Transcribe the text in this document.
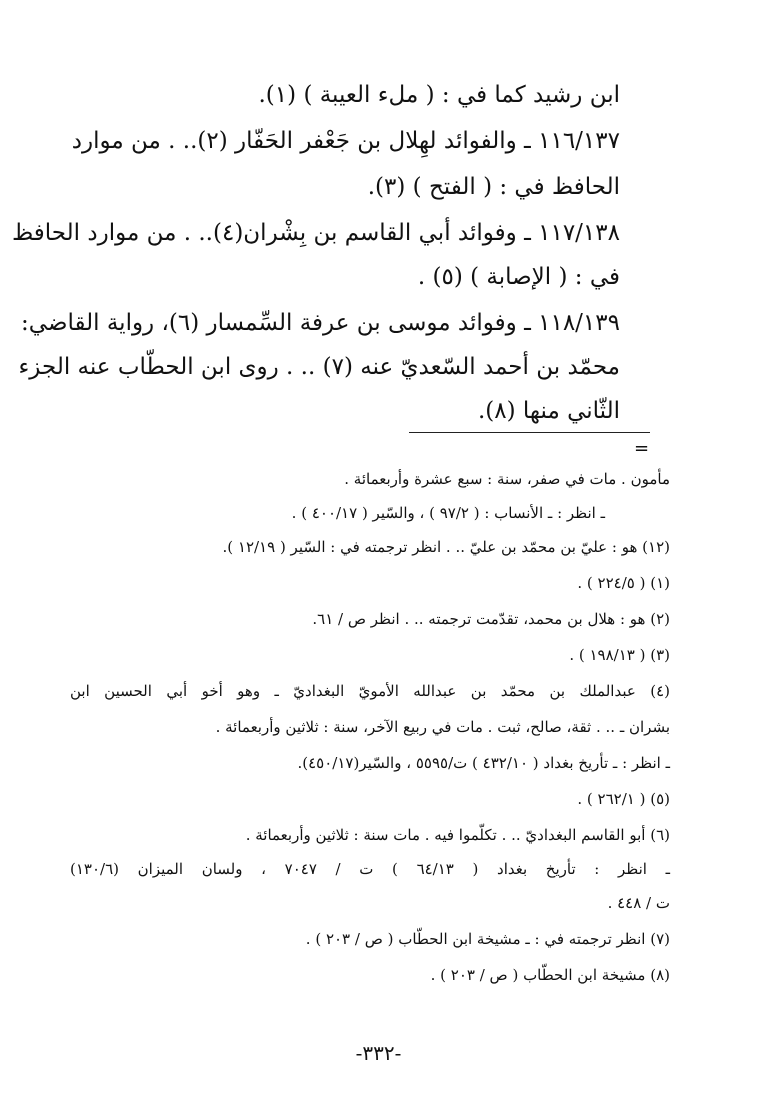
ابن رشيد كما في : ( ملء العيبة ) (١).
١١٦/١٣٧ ـ والفوائد لهِلال بن جَعْفر الحَفّار (٢).. . من موارد
الحافظ في : ( الفتح ) (٣).
١١٧/١٣٨ ـ وفوائد أبي القاسم بن بِشْران(٤).. . من موارد الحافظ
في : ( الإصابة ) (٥) .
١١٨/١٣٩ ـ وفوائد موسى بن عرفة السِّمسار (٦)، رواية القاضي:
محمّد بن أحمد السّعديّ عنه (٧) .. . روى ابن الحطّاب عنه الجزء
الثّاني منها (٨).
=
مأمون . مات في صفر، سنة : سبع عشرة وأربعمائة .
ـ انظر : ـ الأنساب : ( ٩٧/٢ ) ، والسّير ( ٤٠٠/١٧ ) .
(١٢) هو : عليّ بن محمّد بن عليّ .. . انظر ترجمته في : السّير ( ١٢/١٩ ).
(١) ( ٢٢٤/٥ ) .
(٢) هو : هلال بن محمد، تقدّمت ترجمته .. . انظر ص / ٦١.
(٣) ( ١٩٨/١٣ ) .
(٤) عبدالملك بن محمّد بن عبدالله الأمويّ البغداديّ ـ وهو أخو أبي الحسين ابن
بشران ـ .. . ثقة، صالح، ثبت . مات في ربيع الآخر، سنة : ثلاثين وأربعمائة .
ـ انظر : ـ تأريخ بغداد ( ٤٣٢/١٠ ) ت/٥٥٩٥ ، والسّير(٤٥٠/١٧).
(٥) ( ٢٦٢/١ ) .
(٦) أبو القاسم البغداديّ .. . تكلّموا فيه . مات سنة : ثلاثين وأربعمائة .
ـ انظر : تأريخ بغداد ( ٦٤/١٣ ) ت / ٧٠٤٧ ، ولسان الميزان (١٣٠/٦)
ت / ٤٤٨ .
(٧) انظر ترجمته في : ـ مشيخة ابن الحطّاب ( ص / ٢٠٣ ) .
(٨) مشيخة ابن الحطّاب ( ص / ٢٠٣ ) .
-٣٣٢-
